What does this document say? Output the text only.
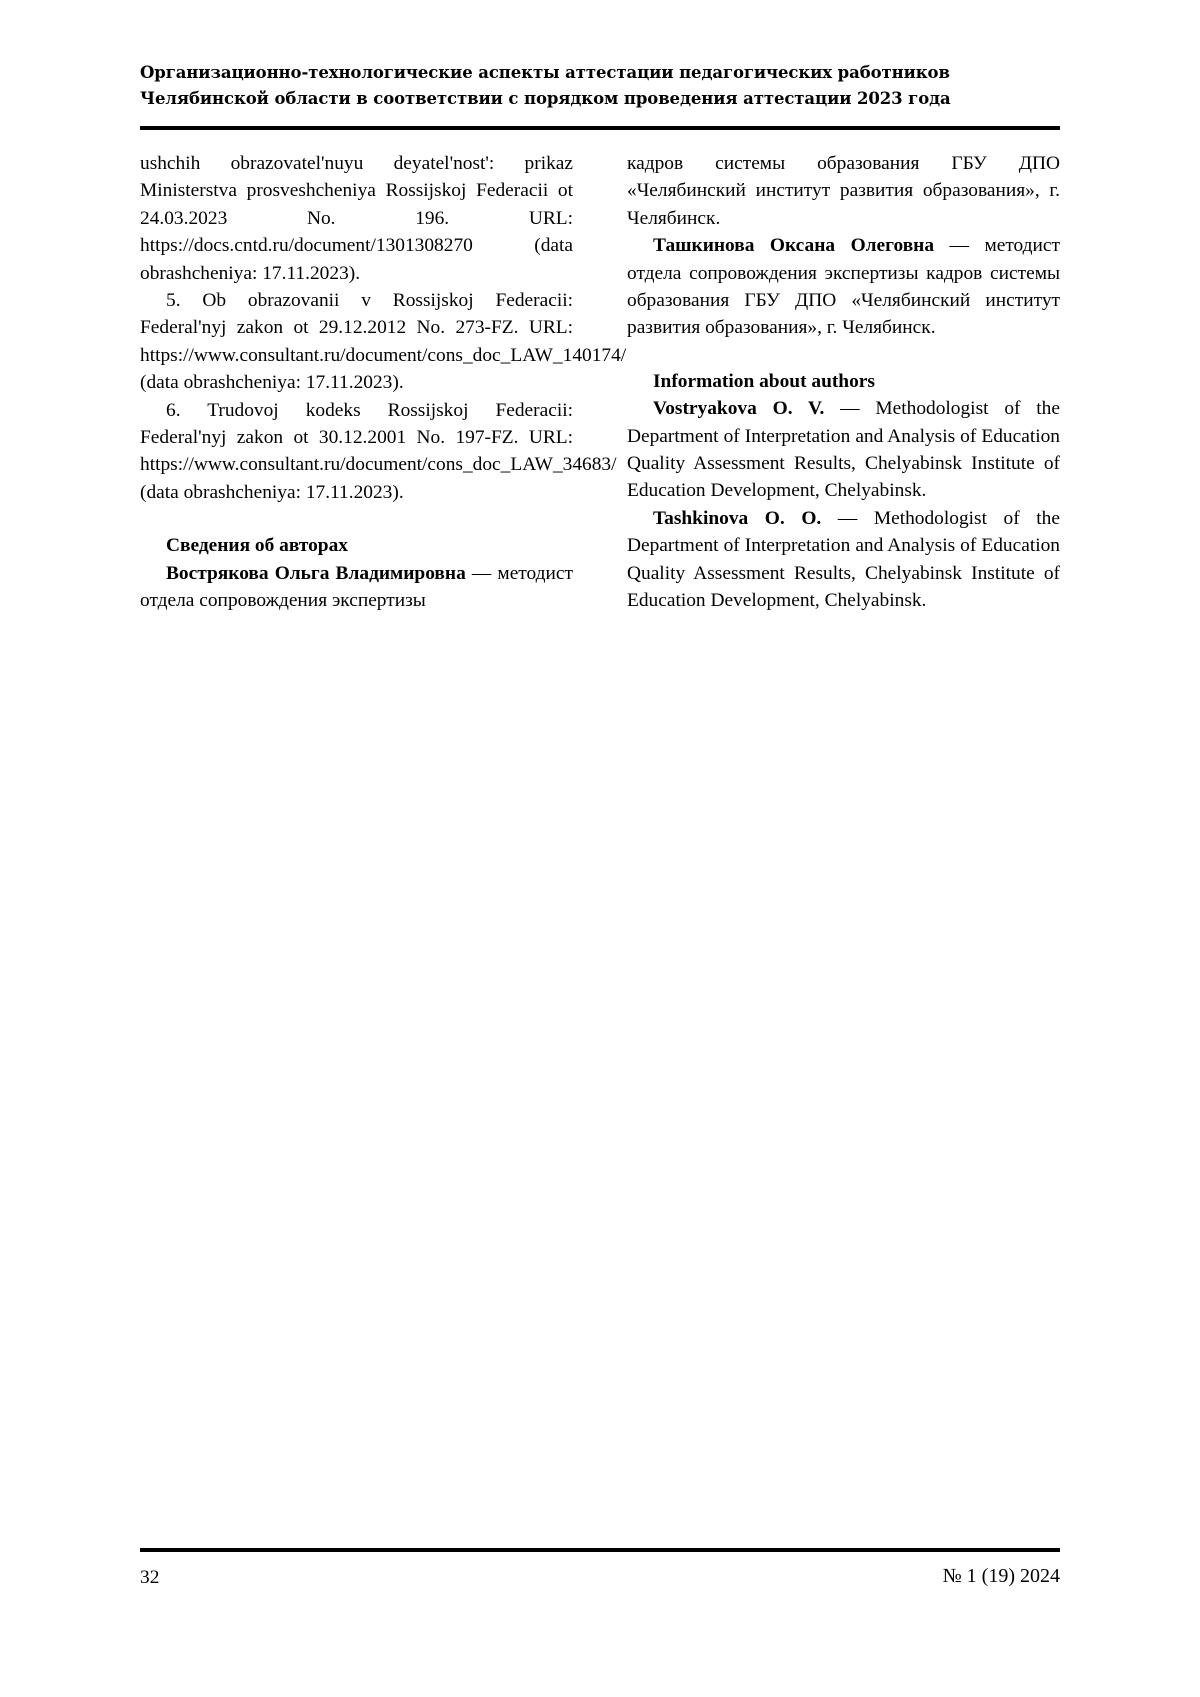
Организационно-технологические аспекты аттестации педагогических работников
Челябинской области в соответствии с порядком проведения аттестации 2023 года

ushchih obrazovatel'nuyu deyatel'nost': prikaz Ministerstva prosveshcheniya Rossijskoj Federacii ot 24.03.2023 No. 196. URL: https://docs.cntd.ru/document/1301308270 (data obrashcheniya: 17.11.2023).

5. Ob obrazovanii v Rossijskoj Federacii: Federal'nyj zakon ot 29.12.2012 No. 273-FZ. URL: https://www.consultant.ru/document/cons_doc_LAW_140174/ (data obrashcheniya: 17.11.2023).

6. Trudovoj kodeks Rossijskoj Federacii: Federal'nyj zakon ot 30.12.2001 No. 197-FZ. URL: https://www.consultant.ru/document/cons_doc_LAW_34683/ (data obrashcheniya: 17.11.2023).

Сведения об авторах

Вострякова Ольга Владимировна — методист отдела сопровождения экспертизы

кадров системы образования ГБУ ДПО «Челябинский институт развития образования», г. Челябинск.

Ташкинова Оксана Олеговна — методист отдела сопровождения экспертизы кадров системы образования ГБУ ДПО «Челябинский институт развития образования», г. Челябинск.

Information about authors

Vostryakova O. V. — Methodologist of the Department of Interpretation and Analysis of Education Quality Assessment Results, Chelyabinsk Institute of Education Development, Chelyabinsk.

Tashkinova O. O. — Methodologist of the Department of Interpretation and Analysis of Education Quality Assessment Results, Chelyabinsk Institute of Education Development, Chelyabinsk.

32	№ 1 (19) 2024
